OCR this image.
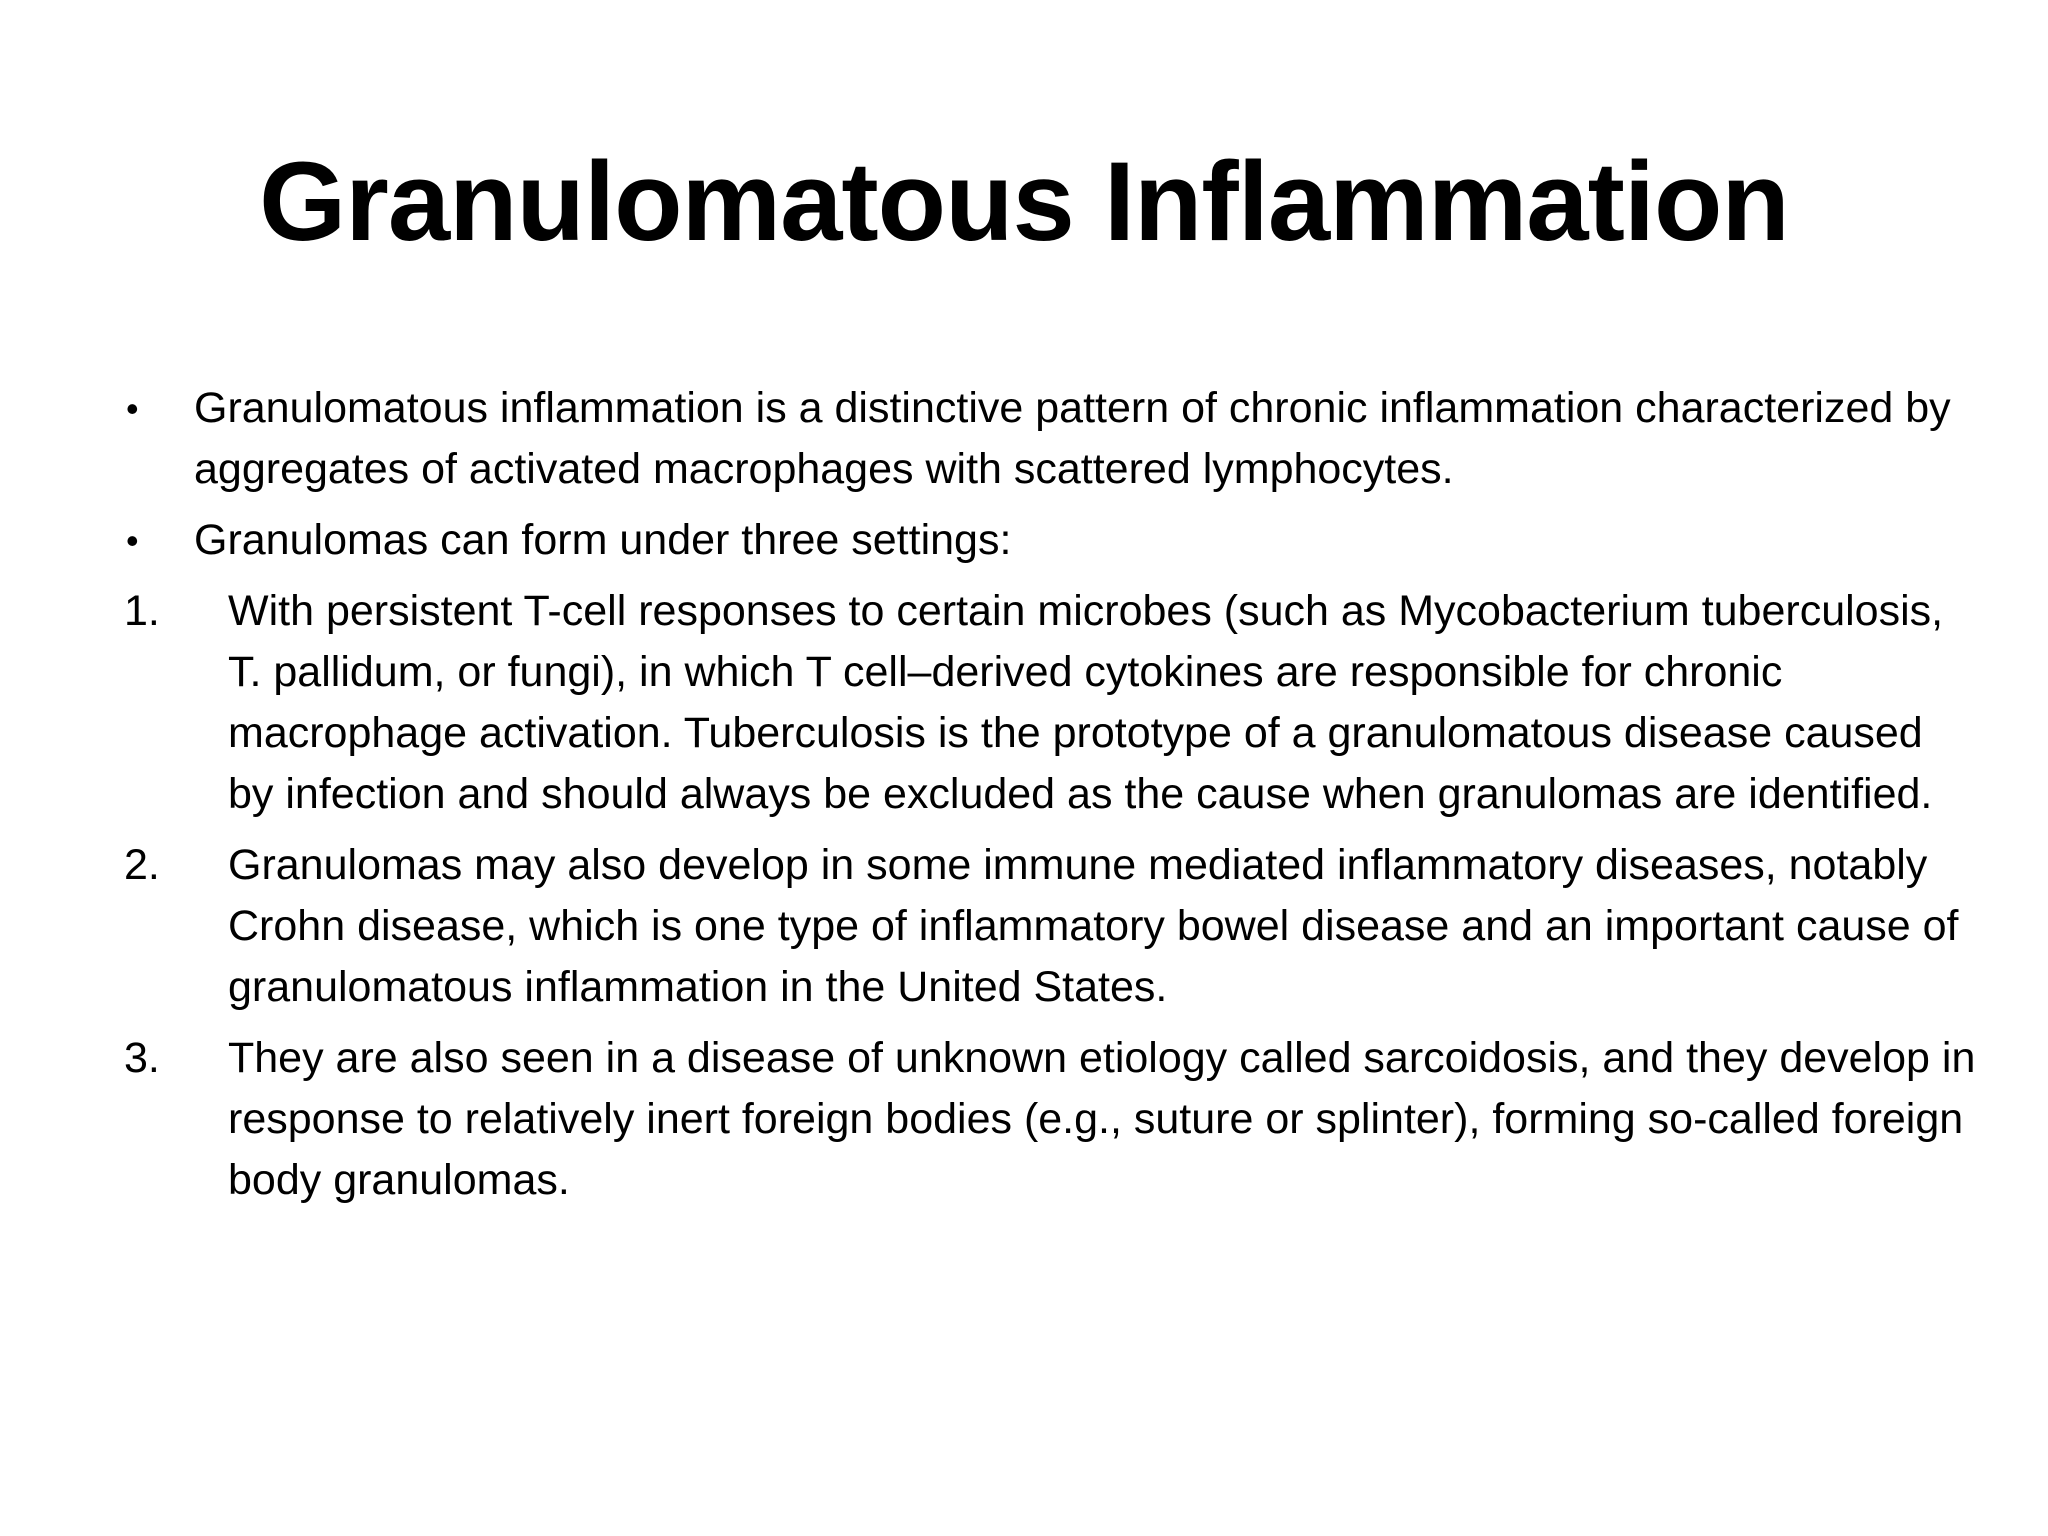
Granulomatous Inflammation
• Granulomatous inflammation is a distinctive pattern of chronic inflammation characterized by aggregates of activated macrophages with scattered lymphocytes.
• Granulomas can form under three settings:
1. With persistent T-cell responses to certain microbes (such as Mycobacterium tuberculosis, T. pallidum, or fungi), in which T cell–derived cytokines are responsible for chronic macrophage activation. Tuberculosis is the prototype of a granulomatous disease caused by infection and should always be excluded as the cause when granulomas are identified.
2. Granulomas may also develop in some immune mediated inflammatory diseases, notably Crohn disease, which is one type of inflammatory bowel disease and an important cause of granulomatous inflammation in the United States.
3. They are also seen in a disease of unknown etiology called sarcoidosis, and they develop in response to relatively inert foreign bodies (e.g., suture or splinter), forming so-called foreign body granulomas.
